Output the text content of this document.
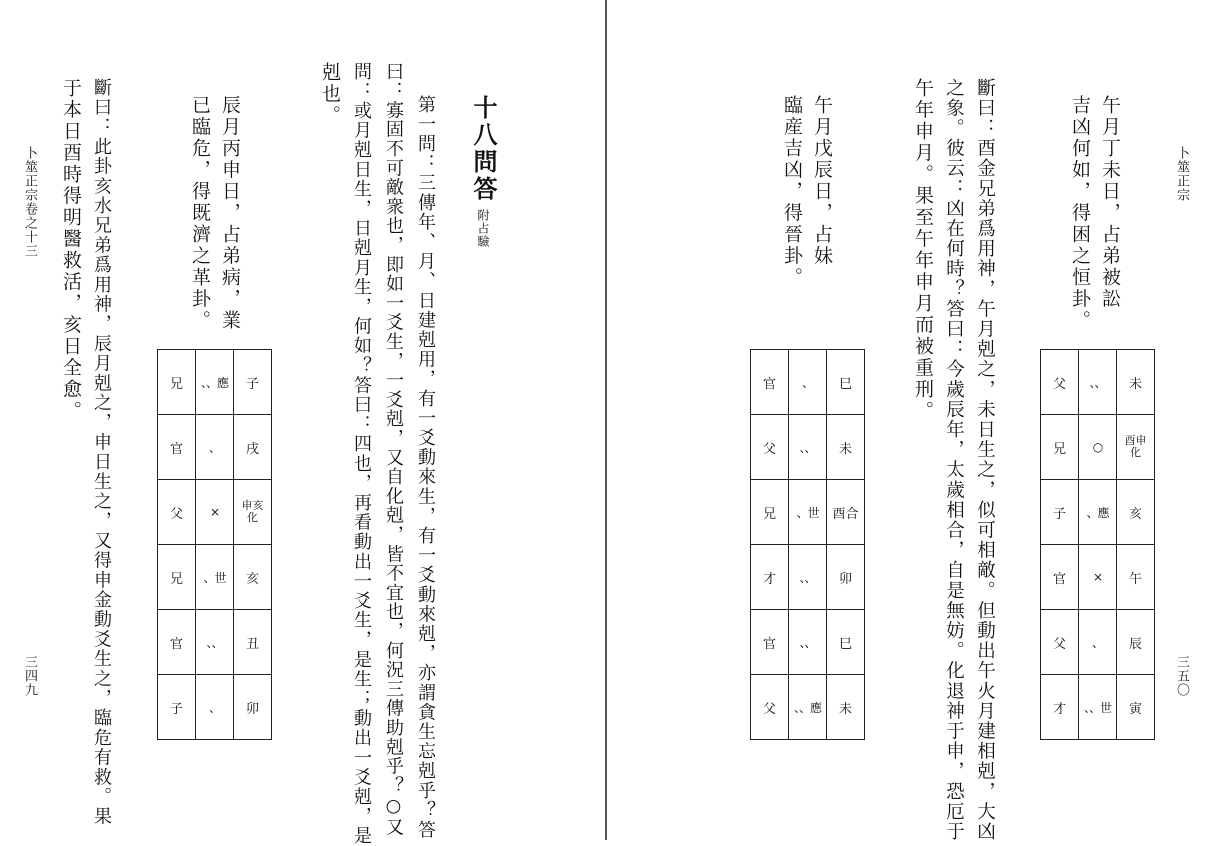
卜筮正宗
三五〇
午月丁未日，占弟被訟
吉凶何如，得困之恒卦。
父	、、	未
兄	○	酉申化
子	、應	亥
官	×	午
父	、	辰
才	、、世	寅
斷曰：酉金兄弟爲用神，午月剋之，未日生之，似可相敵。但動出午火月建相剋，大凶
之象。彼云：凶在何時？答曰：今歲辰年，太歲相合，自是無妨。化退神于申，恐厄于
午年申月。果至午年申月而被重刑。
午月戊辰日，占妹
臨産吉凶，得晉卦。
官	、	巳
父	、、	未
兄	、世	酉合
才	、、	卯
官	、、	巳
父	、、應	未
十八問答附占驗
第一問：三傳年、月、日建剋用，有一爻動來生，有一爻動來剋，亦謂貪生忘剋乎？答
曰：寡固不可敵衆也，即如一爻生，一爻剋，又自化剋，皆不宜也，何況三傳助剋乎？○又
問：或月剋日生，日剋月生，何如？答曰：四也，再看動出一爻生，是生；動出一爻剋，是
剋也。
辰月丙申日，占弟病，業
已臨危，得既濟之革卦。
兄	、、應	子
官	、	戌
父	×	申亥化
兄	、世	亥
官	、、	丑
子	、	卯
斷曰：此卦亥水兄弟爲用神，辰月剋之，申日生之，又得申金動爻生之，臨危有救。果
于本日酉時得明醫救活，亥日全愈。
卜筮正宗卷之十三
三四九
